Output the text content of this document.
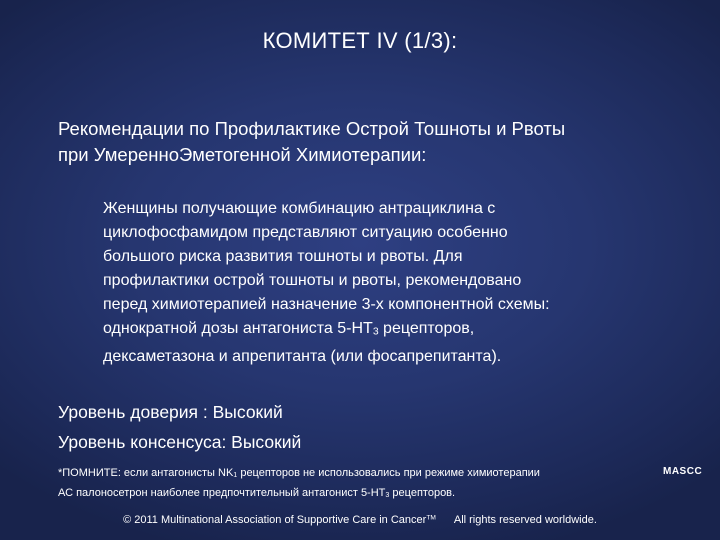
КОМИТЕТ IV (1/3):
Рекомендации по Профилактике Острой Тошноты и Рвоты
при УмеренноЭметогенной Химиотерапии:
Женщины получающие комбинацию антрациклина с
циклофосфамидом представляют ситуацию особенно
большого риска развития тошноты и рвоты. Для
профилактики острой тошноты и рвоты, рекомендовано
перед химиотерапией назначение 3-х компонентной схемы:
однократной дозы антагониста $5-HT_3$ рецепторов,
дексаметазона и апрепитанта (или фосапрепитанта).
Уровень доверия : Высокий
Уровень консенсуса: Высокий
*ПОМНИТЕ: если антагонисты $NK_1$ рецепторов не использовались при режиме химиотерапии
АС палоносетрон наиболее предпочтительный антагонист $5-HT_3$ рецепторов.
MASCC
© 2011 Multinational Association of Supportive Care in Cancer™ All rights reserved worldwide.
